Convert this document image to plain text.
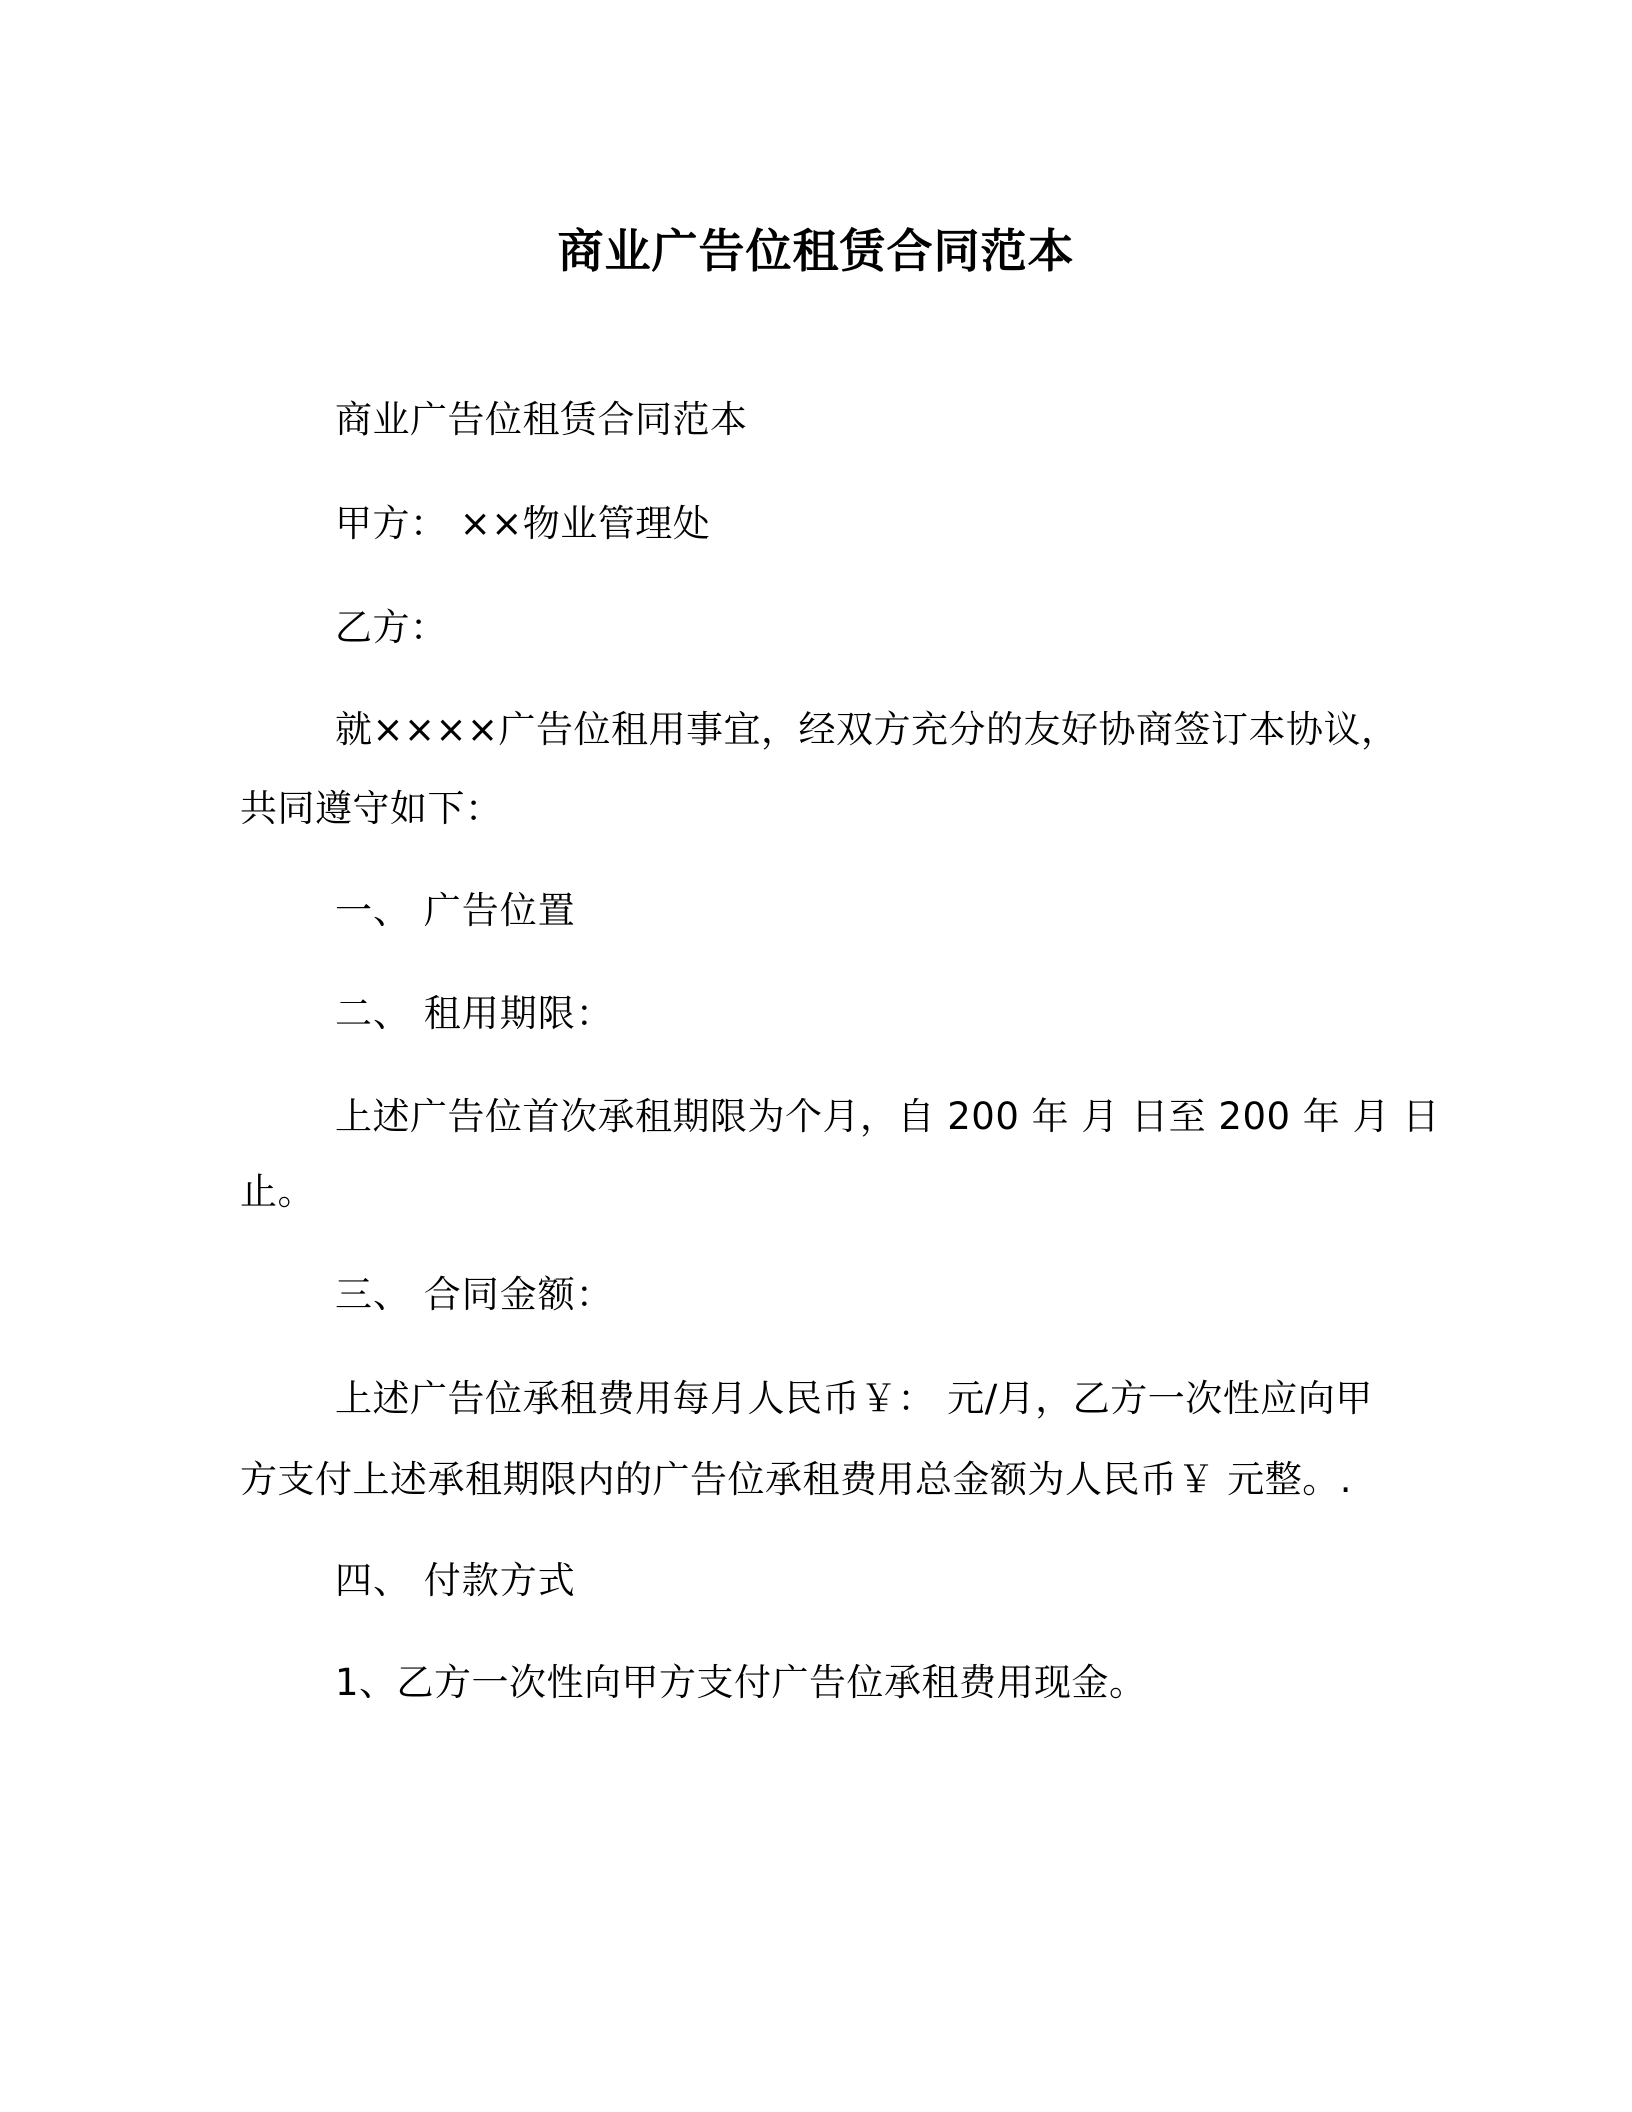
商业广告位租赁合同范本
商业广告位租赁合同范本
甲方： ××物业管理处
乙方：
就××××广告位租用事宜，经双方充分的友好协商签订本协议，
共同遵守如下：
一、 广告位置
二、 租用期限：
上述广告位首次承租期限为个月，自 200 年 月 日至 200 年 月 日
止。
三、 合同金额：
上述广告位承租费用每月人民币￥： 元/月，乙方一次性应向甲
方支付上述承租期限内的广告位承租费用总金额为人民币￥ 元整。.
四、 付款方式
1、乙方一次性向甲方支付广告位承租费用现金。
